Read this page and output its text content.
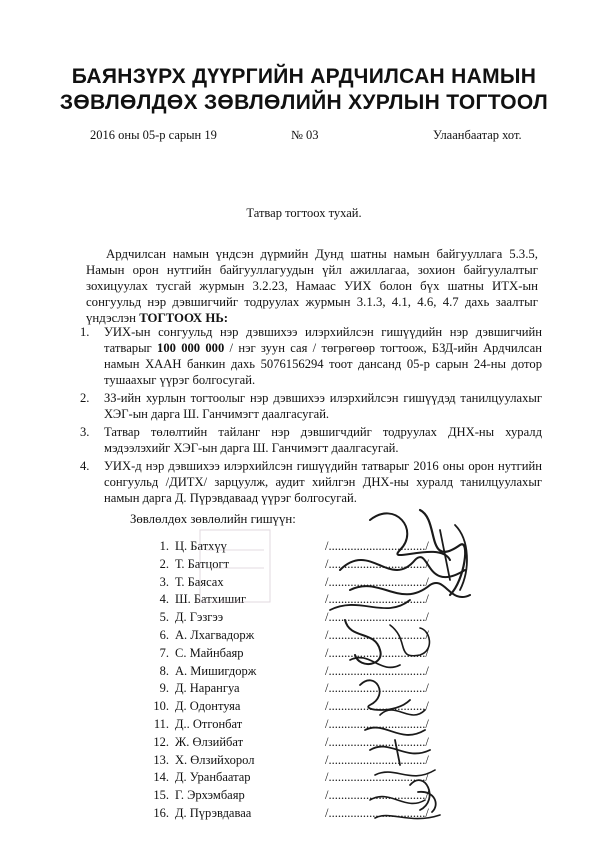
БАЯНЗҮРХ ДҮҮРГИЙН АРДЧИЛСАН НАМЫН
ЗӨВЛӨЛДӨХ ЗӨВЛӨЛИЙН ХУРЛЫН ТОГТООЛ
2016 оны 05-р сарын 19	№ 03	Улаанбаатар хот.
Татвар тогтоох тухай.
Ардчилсан намын үндсэн дүрмийн Дунд шатны намын байгууллага 5.3.5, Намын орон нутгийн байгууллагуудын үйл ажиллагаа, зохион байгуулалтыг зохицуулах тусгай журмын 3.2.23, Намаас УИХ болон бүх шатны ИТХ-ын сонгуульд нэр дэвшигчийг тодруулах журмын 3.1.3, 4.1, 4.6, 4.7 дахь заалтыг үндэслэн ТОГТООХ НЬ:
1. УИХ-ын сонгуульд нэр дэвшихээ илэрхийлсэн гишүүдийн нэр дэвшигчийн татварыг 100 000 000 / нэг зуун сая / төгрөгөөр тогтоож, БЗД-ийн Ардчилсан намын ХААН банкин дахь 5076156294 тоот дансанд 05-р сарын 24-ны дотор тушаахыг үүрэг болгосугай.
2. ЗЗ-ийн хурлын тогтоолыг нэр дэвшихээ илэрхийлсэн гишүүдэд танилцуулахыг ХЭГ-ын дарга Ш. Ганчимэгт даалгасугай.
3. Татвар төлөлтийн тайланг нэр дэвшигчдийг тодруулах ДНХ-ны хуралд мэдээлэхийг ХЭГ-ын дарга Ш. Ганчимэгт даалгасугай.
4. УИХ-д нэр дэвшихээ илэрхийлсэн гишүүдийн татварыг 2016 оны орон нутгийн сонгуульд /ДИТХ/ зарцуулж, аудит хийлгэн ДНХ-ны хуралд танилцуулахыг намын дарга Д. Пүрэвдаваад үүрэг болгосугай.
Зөвлөлдөх зөвлөлийн гишүүн:
1. Ц. Батхүү	/.............................../
2. Т. Батцогт	/.............................../
3. Т. Баясах	/.............................../
4. Ш. Батхишиг	/.............................../
5. Д. Гэзгээ	/.............................../
6. А. Лхагвадорж	/.............................../
7. С. Майнбаяр	/.............................../
8. А. Мишигдорж	/.............................../
9. Д. Нарангуа	/.............................../
10. Д. Одонтуяа	/.............................../
11. Д.. Отгонбат	/.............................../
12. Ж. Өлзийбат	/.............................../
13. Х. Өлзийхорол	/.............................../
14. Д. Уранбаатар	/.............................../
15. Г. Эрхэмбаяр	/.............................../
16. Д. Пүрэвдаваа	/.............................../
